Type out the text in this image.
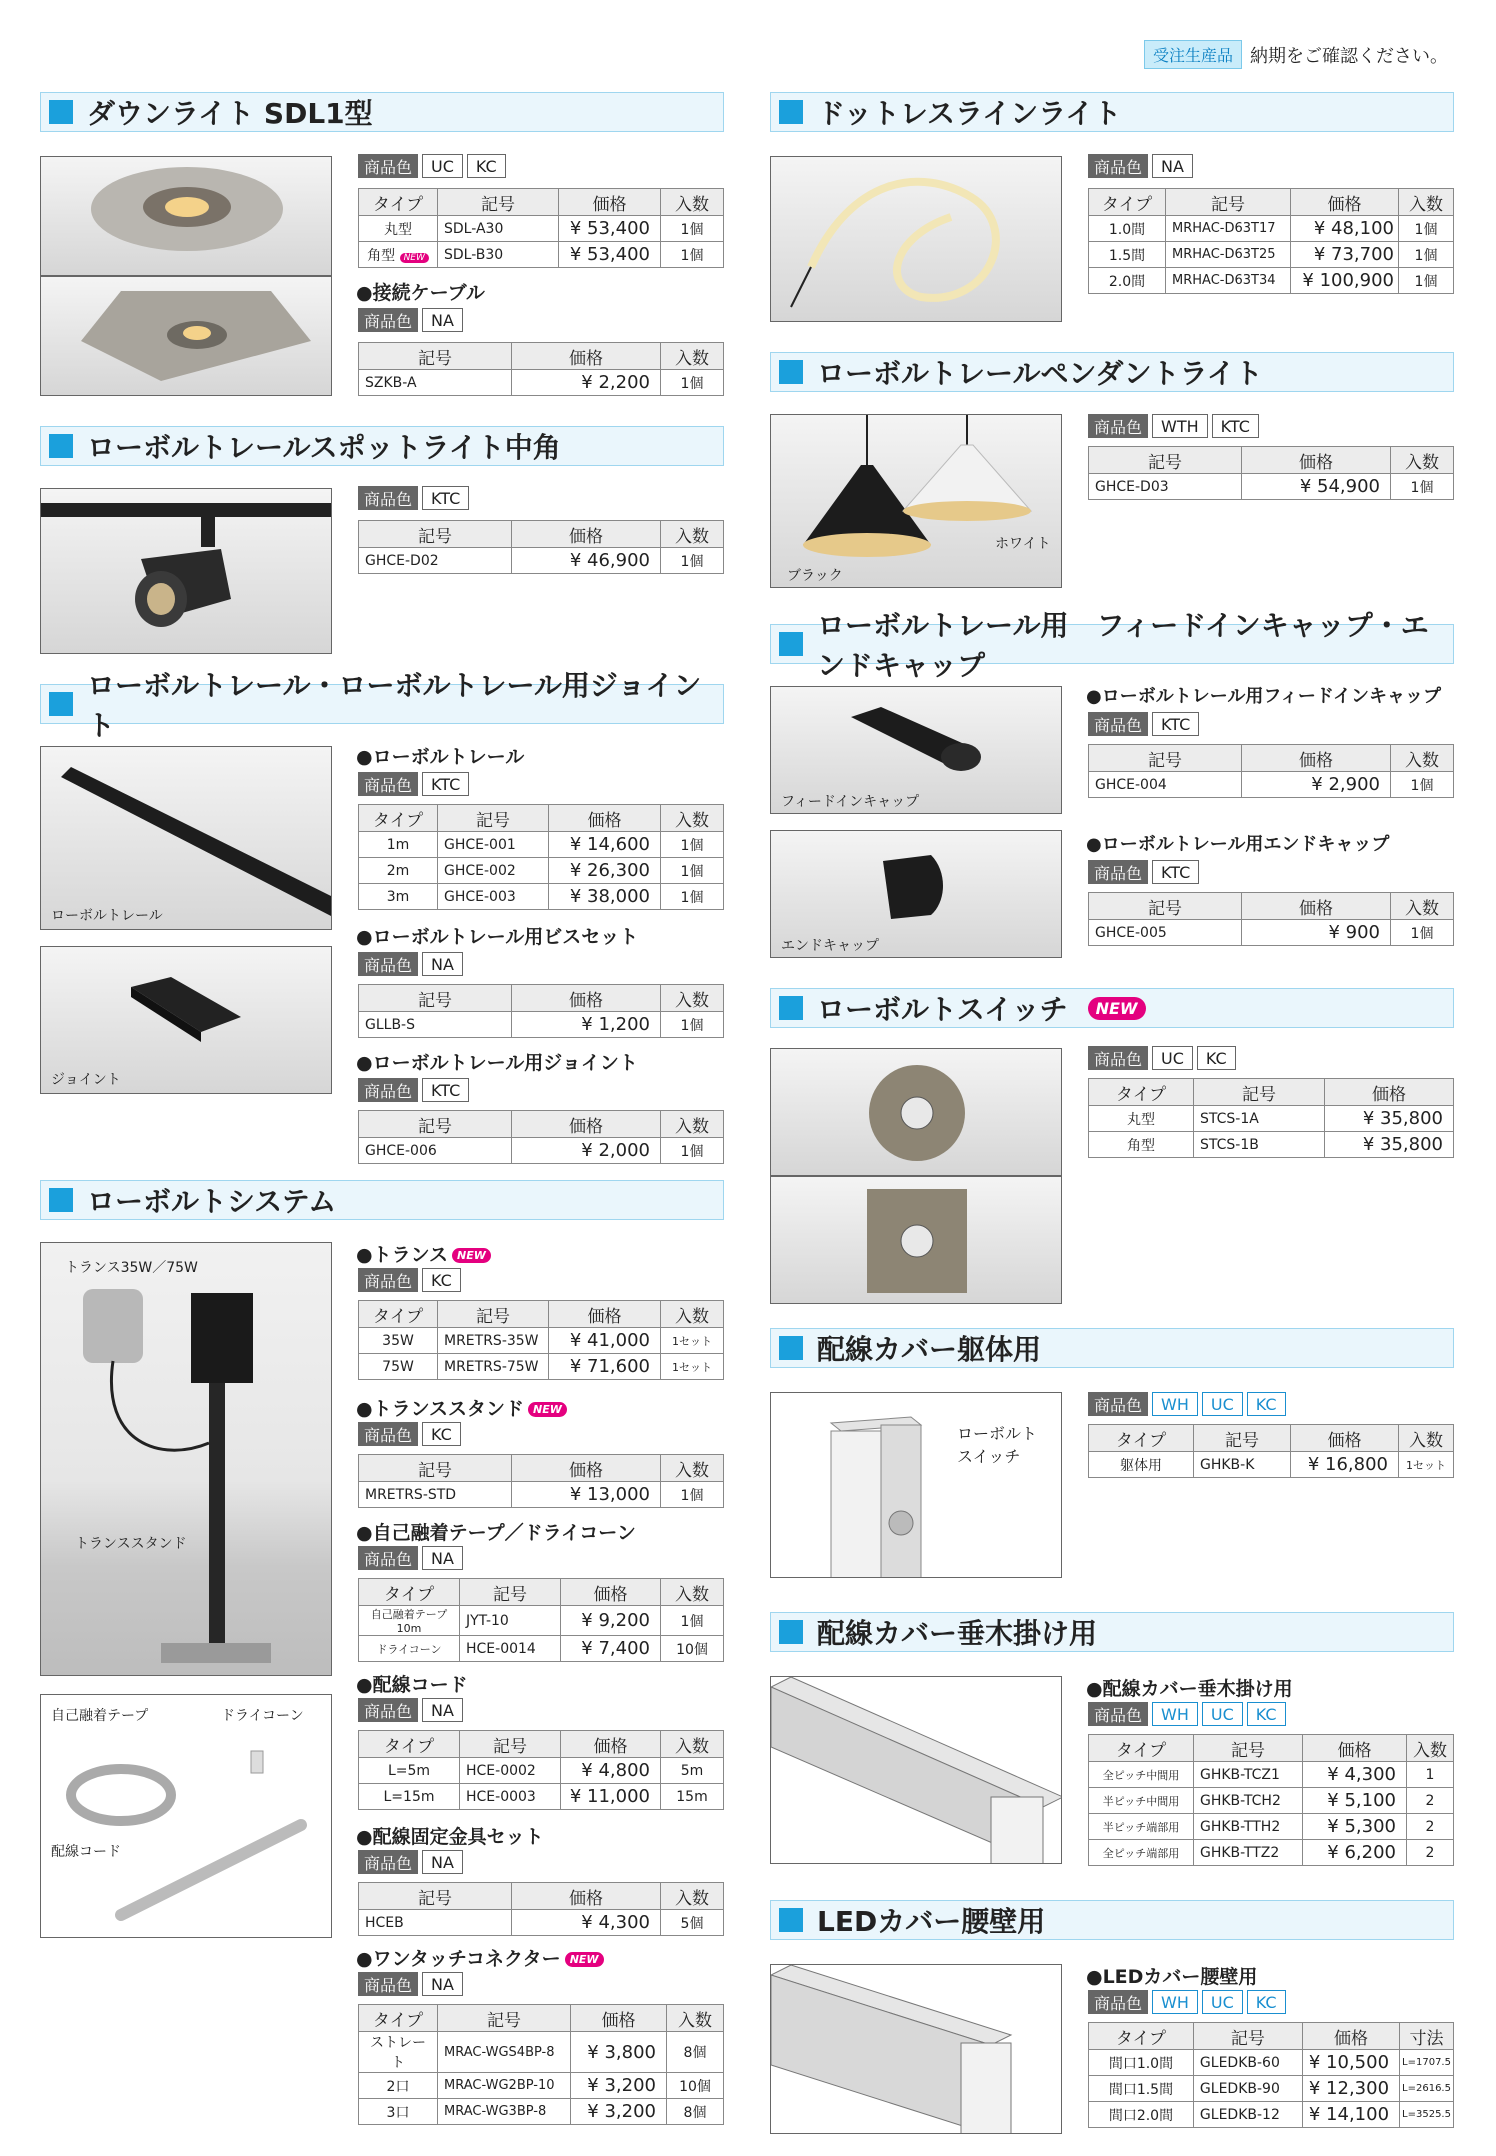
受注生産品 納期をご確認ください。
ダウンライト SDL1型
商品色	UC	KC
タイプ	記号	価格	入数
丸型	SDL-A30	¥ 53,400	1個
角型 NEW	SDL-B30	¥ 53,400	1個
●接続ケーブル
商品色	NA
記号	価格	入数
SZKB-A	¥ 2,200	1個
ローボルトレールスポットライト中角
商品色	KTC
記号	価格	入数
GHCE-D02	¥ 46,900	1個
ローボルトレール・ローボルトレール用ジョイント
ローボルトレール
ジョイント
●ローボルトレール
商品色	KTC
タイプ	記号	価格	入数
1m	GHCE-001	¥ 14,600	1個
2m	GHCE-002	¥ 26,300	1個
3m	GHCE-003	¥ 38,000	1個
●ローボルトレール用ビスセット
商品色	NA
記号	価格	入数
GLLB-S	¥ 1,200	1個
●ローボルトレール用ジョイント
商品色	KTC
記号	価格	入数
GHCE-006	¥ 2,000	1個
ローボルトシステム
トランス35W／75W
トランススタンド
自己融着テープ	ドライコーン
配線コード
●トランス NEW
商品色	KC
タイプ	記号	価格	入数
35W	MRETRS-35W	¥ 41,000	1セット
75W	MRETRS-75W	¥ 71,600	1セット
●トランススタンド NEW
商品色	KC
記号	価格	入数
MRETRS-STD	¥ 13,000	1個
●自己融着テープ／ドライコーン
商品色	NA
タイプ	記号	価格	入数
自己融着テープ10m	JYT-10	¥ 9,200	1個
ドライコーン	HCE-0014	¥ 7,400	10個
●配線コード
商品色	NA
タイプ	記号	価格	入数
L=5m	HCE-0002	¥ 4,800	5m
L=15m	HCE-0003	¥ 11,000	15m
●配線固定金具セット
商品色	NA
記号	価格	入数
HCEB	¥ 4,300	5個
●ワンタッチコネクター NEW
商品色	NA
タイプ	記号	価格	入数
ストレート	MRAC-WGS4BP-8	¥ 3,800	8個
2口	MRAC-WG2BP-10	¥ 3,200	10個
3口	MRAC-WG3BP-8	¥ 3,200	8個
ドットレスラインライト
商品色	NA
タイプ	記号	価格	入数
1.0間	MRHAC-D63T17	¥ 48,100	1個
1.5間	MRHAC-D63T25	¥ 73,700	1個
2.0間	MRHAC-D63T34	¥ 100,900	1個
ローボルトレールペンダントライト
ブラック
ホワイト
商品色	WTH	KTC
記号	価格	入数
GHCE-D03	¥ 54,900	1個
ローボルトレール用　フィードインキャップ・エンドキャップ
フィードインキャップ
エンドキャップ
●ローボルトレール用フィードインキャップ
商品色	KTC
記号	価格	入数
GHCE-004	¥ 2,900	1個
●ローボルトレール用エンドキャップ
商品色	KTC
記号	価格	入数
GHCE-005	¥ 900	1個
ローボルトスイッチ	NEW
商品色	UC	KC
タイプ	記号	価格
丸型	STCS-1A	¥ 35,800
角型	STCS-1B	¥ 35,800
配線カバー躯体用
ローボルト
スイッチ
商品色	WH	UC	KC
タイプ	記号	価格	入数
躯体用	GHKB-K	¥ 16,800	1セット
配線カバー垂木掛け用
●配線カバー垂木掛け用
商品色	WH	UC	KC
タイプ	記号	価格	入数
全ピッチ中間用	GHKB-TCZ1	¥ 4,300	1
半ピッチ中間用	GHKB-TCH2	¥ 5,100	2
半ピッチ端部用	GHKB-TTH2	¥ 5,300	2
全ピッチ端部用	GHKB-TTZ2	¥ 6,200	2
LEDカバー腰壁用
●LEDカバー腰壁用
商品色	WH	UC	KC
タイプ	記号	価格	寸法
間口1.0間	GLEDKB-60	¥ 10,500	L=1707.5
間口1.5間	GLEDKB-90	¥ 12,300	L=2616.5
間口2.0間	GLEDKB-12	¥ 14,100	L=3525.5
